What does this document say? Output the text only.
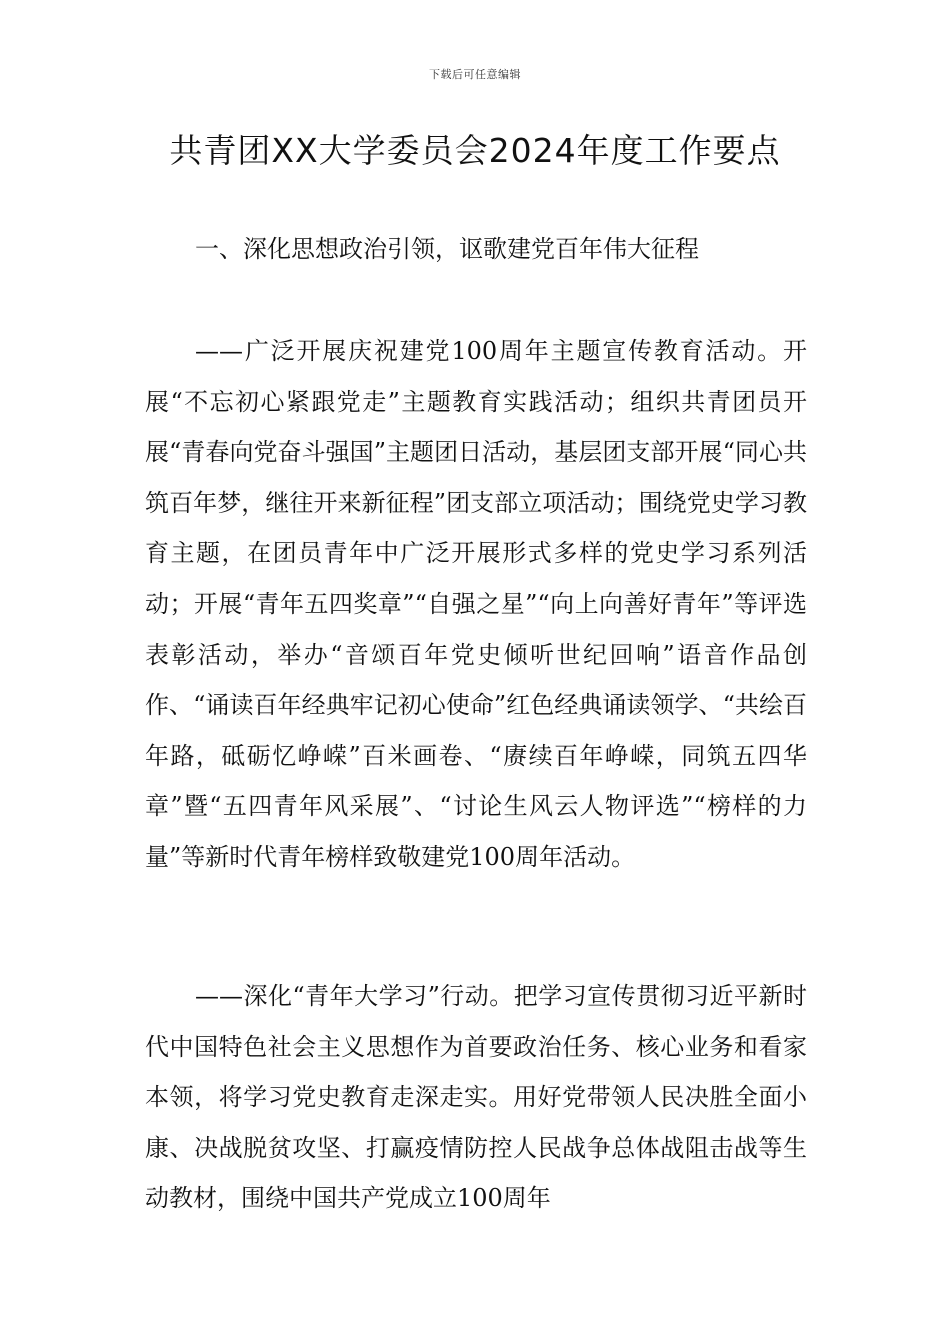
下载后可任意编辑
共青团XX大学委员会2024年度工作要点

一、深化思想政治引领，讴歌建党百年伟大征程

——广泛开展庆祝建党100周年主题宣传教育活动。开展“不忘初心紧跟党走”主题教育实践活动；组织共青团员开展“青春向党奋斗强国”主题团日活动，基层团支部开展“同心共筑百年梦，继往开来新征程”团支部立项活动；围绕党史学习教育主题，在团员青年中广泛开展形式多样的党史学习系列活动；开展“青年五四奖章”“自强之星”“向上向善好青年”等评选表彰活动，举办“音颂百年党史倾听世纪回响”语音作品创作、“诵读百年经典牢记初心使命”红色经典诵读领学、“共绘百年路，砥砺忆峥嵘”百米画卷、“赓续百年峥嵘，同筑五四华章”暨“五四青年风采展”、“讨论生风云人物评选”“榜样的力量”等新时代青年榜样致敬建党100周年活动。

——深化“青年大学习”行动。把学习宣传贯彻习近平新时代中国特色社会主义思想作为首要政治任务、核心业务和看家本领，将学习党史教育走深走实。用好党带领人民决胜全面小康、决战脱贫攻坚、打赢疫情防控人民战争总体战阻击战等生动教材，围绕中国共产党成立100周年
